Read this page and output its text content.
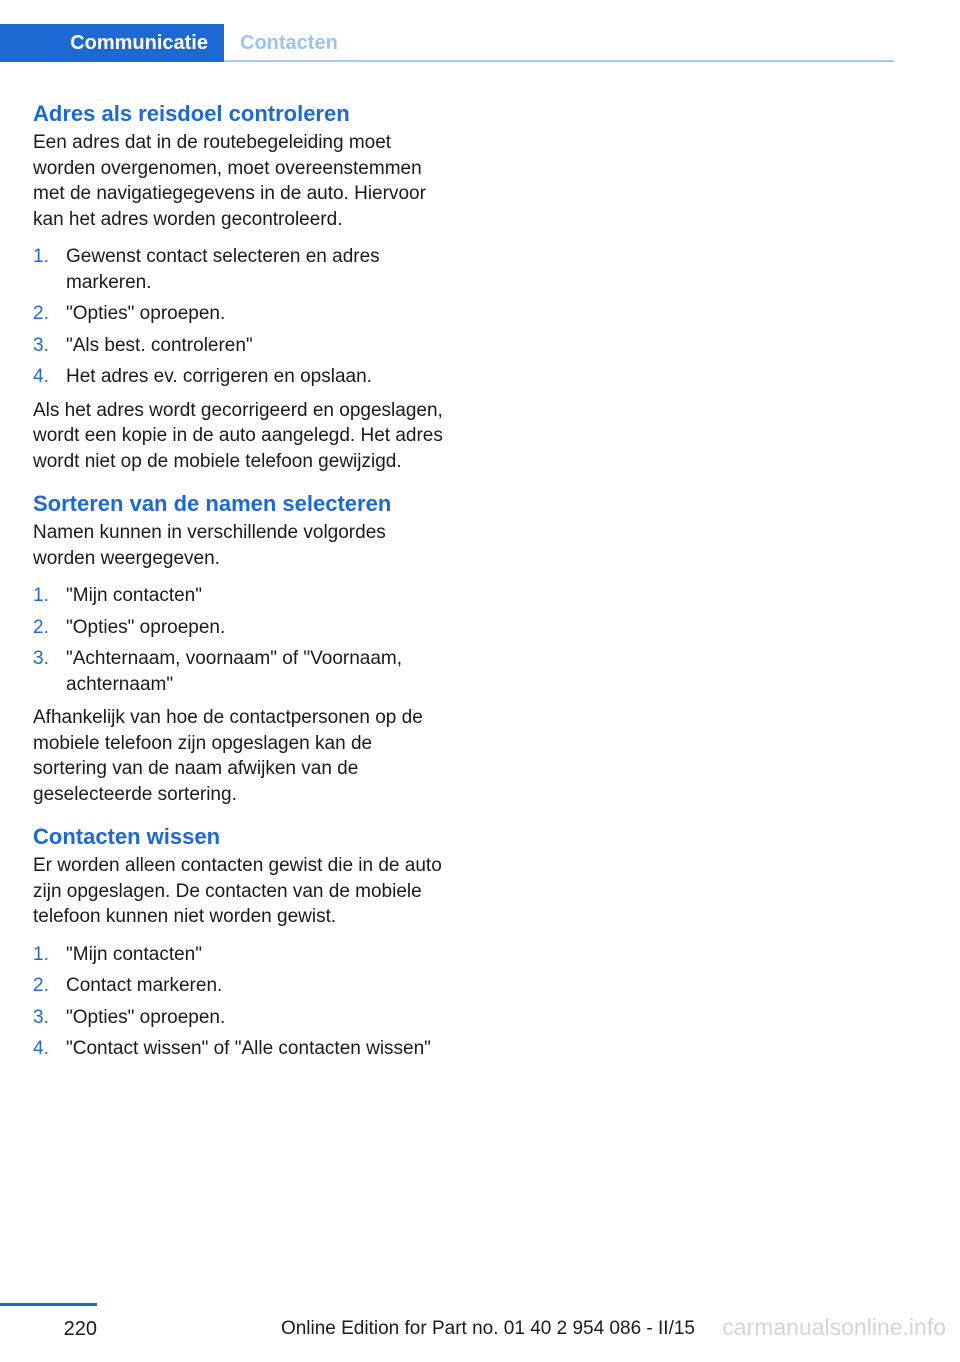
Communicatie	Contacten
Adres als reisdoel controleren

Een adres dat in de routebegeleiding moet worden overgenomen, moet overeenstemmen met de navigatiegegevens in de auto. Hiervoor kan het adres worden gecontroleerd.

1. Gewenst contact selecteren en adres markeren.
2. "Opties" oproepen.
3. "Als best. controleren"
4. Het adres ev. corrigeren en opslaan.

Als het adres wordt gecorrigeerd en opgeslagen, wordt een kopie in de auto aangelegd. Het adres wordt niet op de mobiele telefoon gewijzigd.

Sorteren van de namen selecteren

Namen kunnen in verschillende volgordes worden weergegeven.

1. "Mijn contacten"
2. "Opties" oproepen.
3. "Achternaam, voornaam" of "Voornaam, achternaam"

Afhankelijk van hoe de contactpersonen op de mobiele telefoon zijn opgeslagen kan de sortering van de naam afwijken van de geselecteerde sortering.

Contacten wissen

Er worden alleen contacten gewist die in de auto zijn opgeslagen. De contacten van de mobiele telefoon kunnen niet worden gewist.

1. "Mijn contacten"
2. Contact markeren.
3. "Opties" oproepen.
4. "Contact wissen" of "Alle contacten wissen"
220	Online Edition for Part no. 01 40 2 954 086 - II/15 carmanualsonline.info
